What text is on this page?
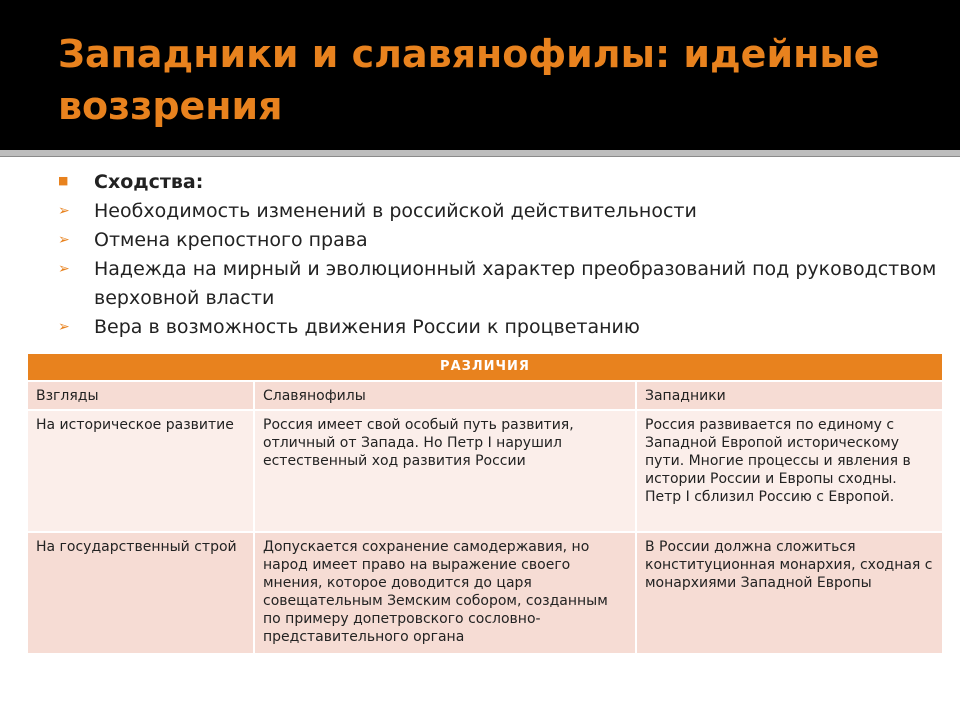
Западники и славянофилы: идейные воззрения
■	Сходства:
➢	Необходимость изменений в российской действительности
➢	Отмена крепостного права
➢	Надежда на мирный и эволюционный характер преобразований под руководством верховной власти
➢	Вера в возможность движения России к процветанию
РАЗЛИЧИЯ
Взгляды	Славянофилы	Западники
На историческое развитие	Россия имеет свой особый путь развития, отличный от Запада. Но Петр I нарушил естественный ход развития России	Россия развивается по единому с Западной Европой историческому пути. Многие процессы и явления в истории России и Европы сходны. Петр I сблизил Россию с Европой.
На государственный строй	Допускается сохранение самодержавия, но народ имеет право на выражение своего мнения, которое доводится до царя совещательным Земским собором, созданным по примеру допетровского сословно-представительного органа	В России должна сложиться конституционная монархия, сходная с монархиями Западной Европы
